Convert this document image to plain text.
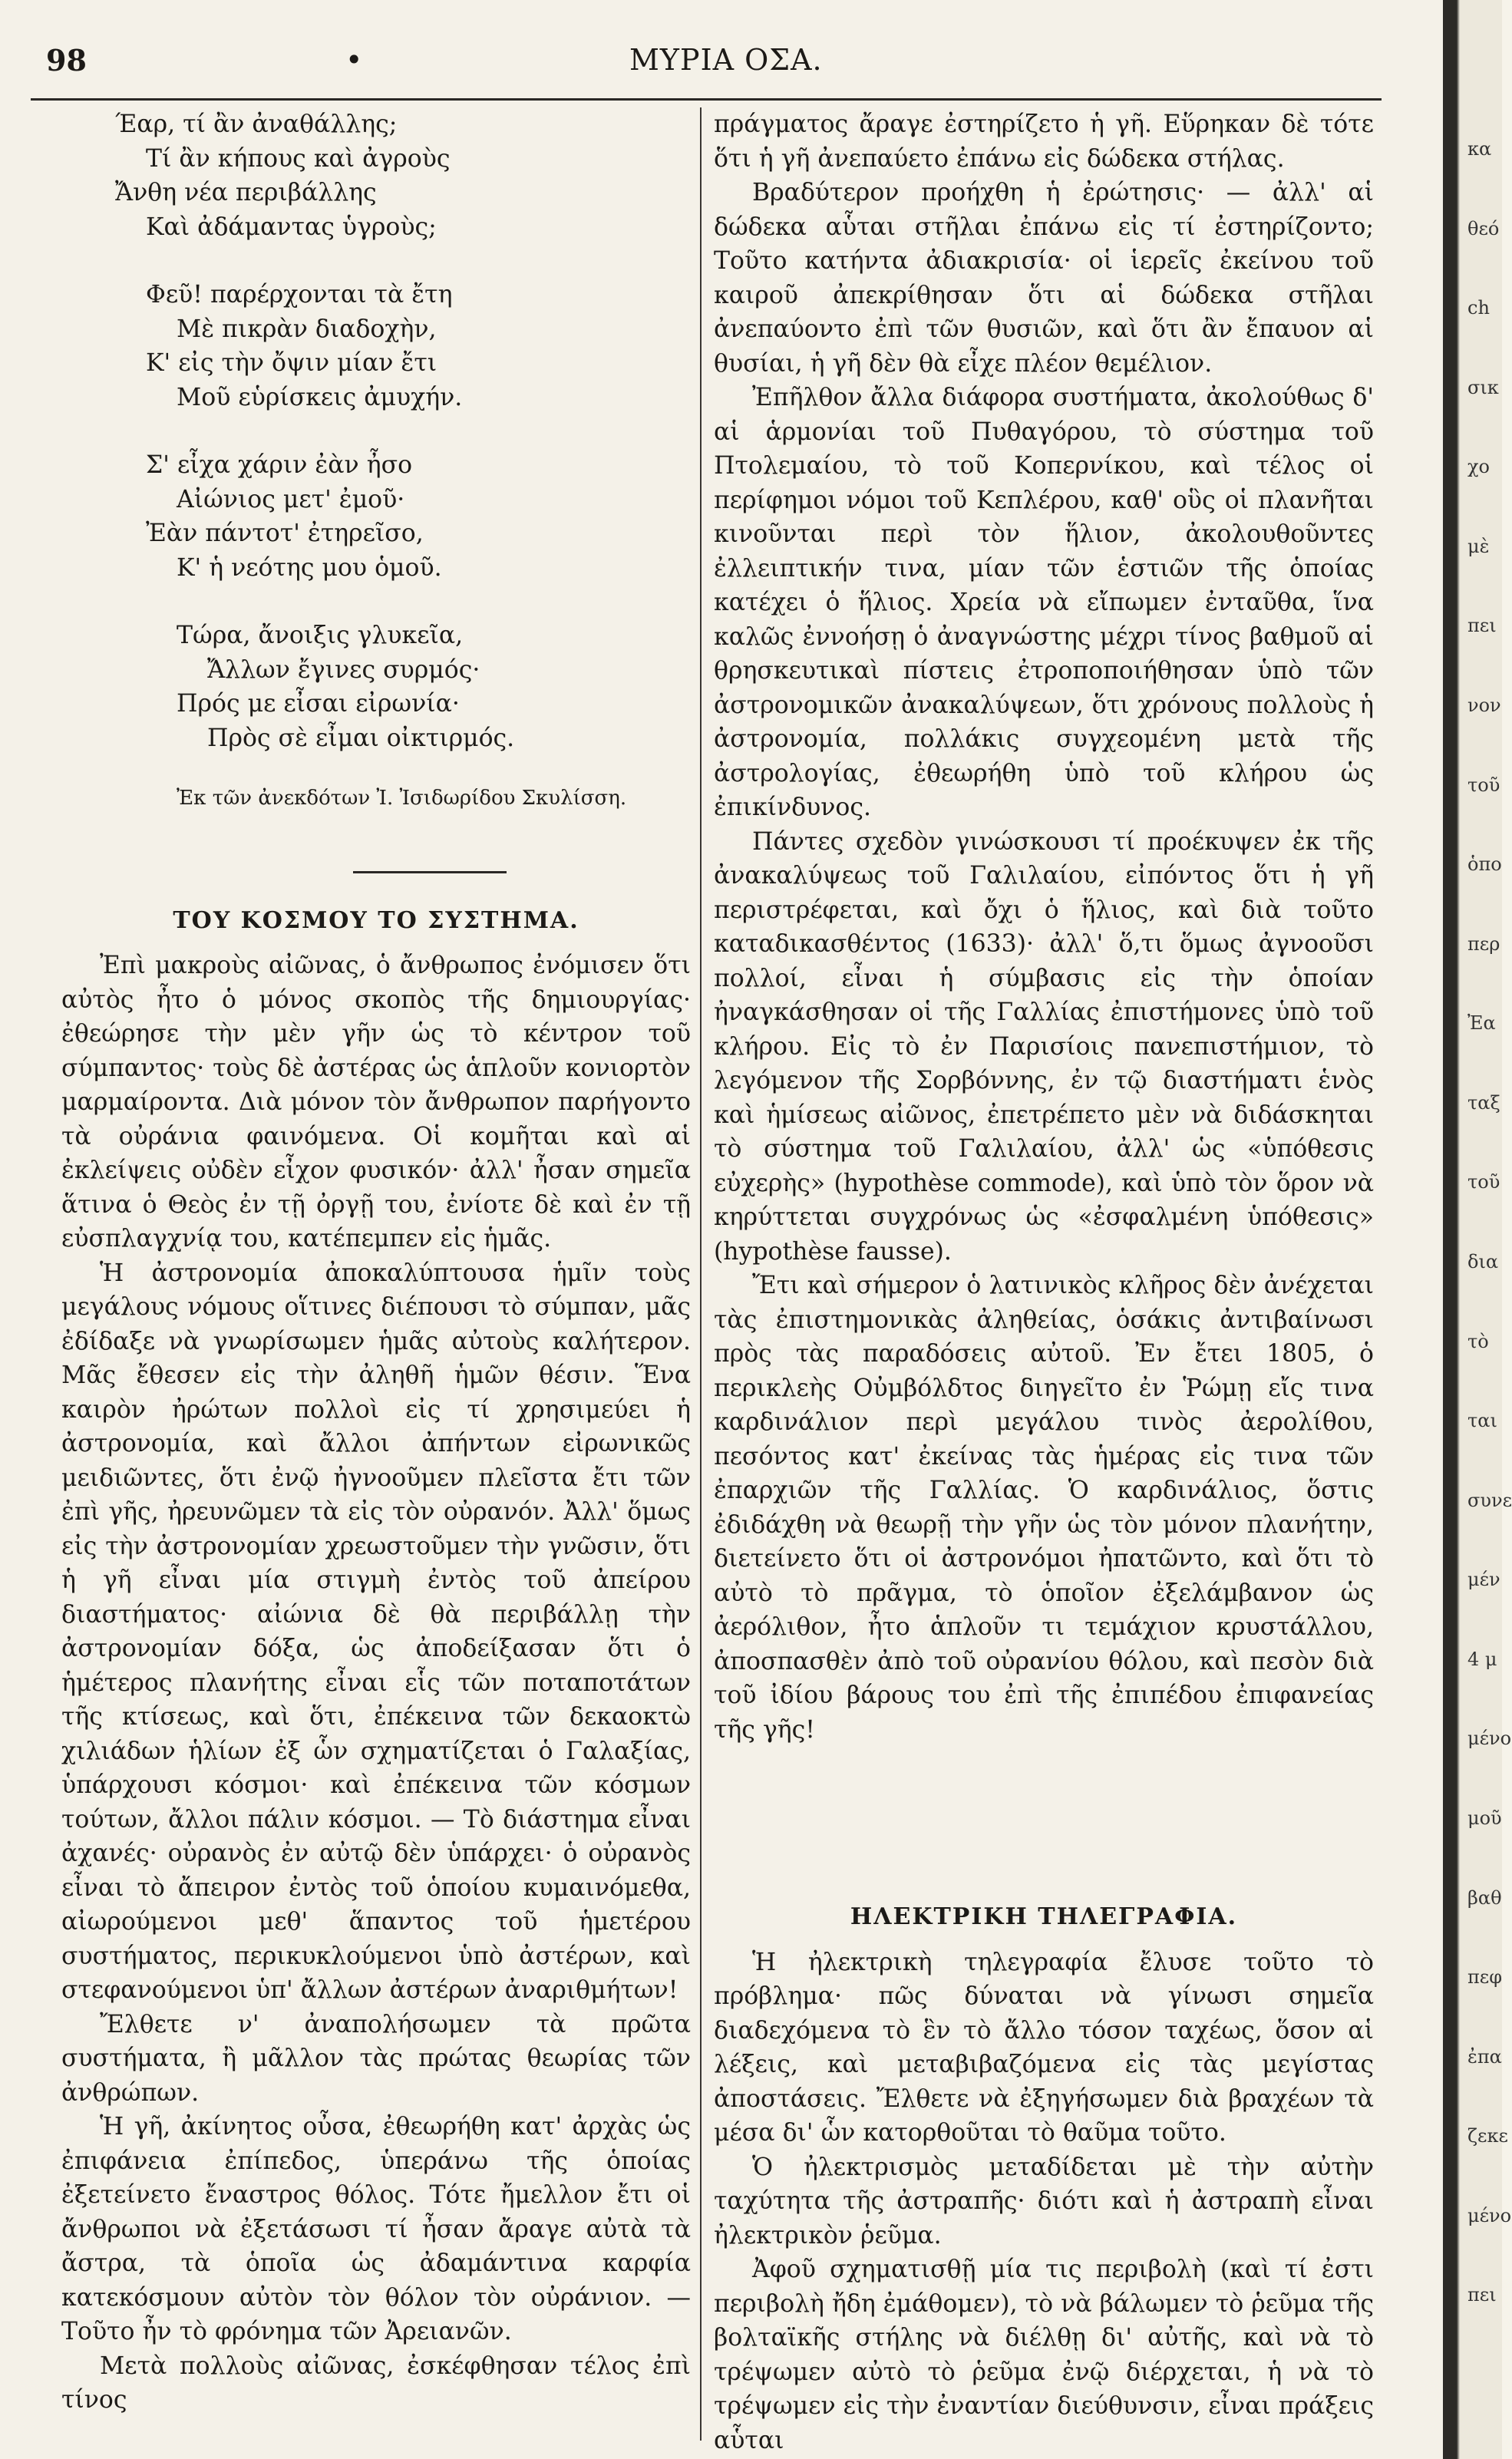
98	•	ΜΥΡΙΑ ΟΣΑ.
Έαρ, τί ἂν ἀναθάλλης;
Τί ἂν κήπους καὶ ἀγροὺς
Ἄνθη νέα περιβάλλης
Καὶ ἀδάμαντας ὑγροὺς;
Φεῦ! παρέρχονται τὰ ἔτη
Μὲ πικρὰν διαδοχὴν,
Κ' εἰς τὴν ὄψιν μίαν ἔτι
Μοῦ εὑρίσκεις ἀμυχήν.
Σ' εἶχα χάριν ἐὰν ἦσο
Αἰώνιος μετ' ἐμοῦ·
Ἐὰν πάντοτ' ἐτηρεῖσο,
Κ' ἡ νεότης μου ὁμοῦ.
Τώρα, ἄνοιξις γλυκεῖα,
Ἄλλων ἔγινες συρμός·
Πρός με εἶσαι εἰρωνία·
Πρὸς σὲ εἶμαι οἰκτιρμός.
Ἐκ τῶν ἀνεκδότων Ἰ. Ἰσιδωρίδου Σκυλίσση.
ΤΟΥ ΚΟΣΜΟΥ ΤΟ ΣΥΣΤΗΜΑ.

Ἐπὶ μακροὺς αἰῶνας, ὁ ἄνθρωπος ἐνόμισεν ὅτι αὐτὸς ἦτο ὁ μόνος σκοπὸς τῆς δημιουργίας· ἐθεώρησε τὴν μὲν γῆν ὡς τὸ κέντρον τοῦ σύμπαντος· τοὺς δὲ ἀστέρας ὡς ἁπλοῦν κονιορτὸν μαρμαίροντα. Διὰ μόνον τὸν ἄνθρωπον παρήγοντο τὰ οὐράνια φαινόμενα. Οἱ κομῆται καὶ αἱ ἐκλείψεις οὐδὲν εἶχον φυσικόν· ἀλλ' ἦσαν σημεῖα ἅτινα ὁ Θεὸς ἐν τῇ ὀργῇ του, ἐνίοτε δὲ καὶ ἐν τῇ εὐσπλαγχνίᾳ του, κατέπεμπεν εἰς ἡμᾶς.

Ἡ ἀστρονομία ἀποκαλύπτουσα ἡμῖν τοὺς μεγάλους νόμους οἵτινες διέπουσι τὸ σύμπαν, μᾶς ἐδίδαξε νὰ γνωρίσωμεν ἡμᾶς αὐτοὺς καλήτερον. Μᾶς ἔθεσεν εἰς τὴν ἀληθῆ ἡμῶν θέσιν. Ἕνα καιρὸν ἠρώτων πολλοὶ εἰς τί χρησιμεύει ἡ ἀστρονομία, καὶ ἄλλοι ἀπήντων εἰρωνικῶς μειδιῶντες, ὅτι ἐνῷ ἠγνοοῦμεν πλεῖστα ἔτι τῶν ἐπὶ γῆς, ἠρευνῶμεν τὰ εἰς τὸν οὐρανόν. Ἀλλ' ὅμως εἰς τὴν ἀστρονομίαν χρεωστοῦμεν τὴν γνῶσιν, ὅτι ἡ γῆ εἶναι μία στιγμὴ ἐντὸς τοῦ ἀπείρου διαστήματος· αἰώνια δὲ θὰ περιβάλλῃ τὴν ἀστρονομίαν δόξα, ὡς ἀποδείξασαν ὅτι ὁ ἡμέτερος πλανήτης εἶναι εἷς τῶν ποταποτάτων τῆς κτίσεως, καὶ ὅτι, ἐπέκεινα τῶν δεκαοκτὼ χιλιάδων ἡλίων ἐξ ὧν σχηματίζεται ὁ Γαλαξίας, ὑπάρχουσι κόσμοι· καὶ ἐπέκεινα τῶν κόσμων τούτων, ἄλλοι πάλιν κόσμοι. — Τὸ διάστημα εἶναι ἀχανές· οὐρανὸς ἐν αὐτῷ δὲν ὑπάρχει· ὁ οὐρανὸς εἶναι τὸ ἄπειρον ἐντὸς τοῦ ὁποίου κυμαινόμεθα, αἰωρούμενοι μεθ' ἅπαντος τοῦ ἡμετέρου συστήματος, περικυκλούμενοι ὑπὸ ἀστέρων, καὶ στεφανούμενοι ὑπ' ἄλλων ἀστέρων ἀναριθμήτων!

Ἔλθετε ν' ἀναπολήσωμεν τὰ πρῶτα συστήματα, ἢ μᾶλλον τὰς πρώτας θεωρίας τῶν ἀνθρώπων.

Ἡ γῆ, ἀκίνητος οὖσα, ἐθεωρήθη κατ' ἀρχὰς ὡς ἐπιφάνεια ἐπίπεδος, ὑπεράνω τῆς ὁποίας ἐξετείνετο ἔναστρος θόλος. Τότε ἤμελλον ἔτι οἱ ἄνθρωποι νὰ ἐξετάσωσι τί ἦσαν ἄραγε αὐτὰ τὰ ἄστρα, τὰ ὁποῖα ὡς ἀδαμάντινα καρφία κατεκόσμουν αὐτὸν τὸν θόλον τὸν οὐράνιον. — Τοῦτο ἦν τὸ φρόνημα τῶν Ἀρειανῶν.

Μετὰ πολλοὺς αἰῶνας, ἐσκέφθησαν τέλος ἐπὶ τίνος

πράγματος ἄραγε ἐστηρίζετο ἡ γῆ. Εὕρηκαν δὲ τότε ὅτι ἡ γῆ ἀνεπαύετο ἐπάνω εἰς δώδεκα στήλας.

Βραδύτερον προήχθη ἡ ἐρώτησις· — ἀλλ' αἱ δώδεκα αὗται στῆλαι ἐπάνω εἰς τί ἐστηρίζοντο; Τοῦτο κατήντα ἀδιακρισία· οἱ ἱερεῖς ἐκείνου τοῦ καιροῦ ἀπεκρίθησαν ὅτι αἱ δώδεκα στῆλαι ἀνεπαύοντο ἐπὶ τῶν θυσιῶν, καὶ ὅτι ἂν ἔπαυον αἱ θυσίαι, ἡ γῆ δὲν θὰ εἶχε πλέον θεμέλιον.

Ἐπῆλθον ἄλλα διάφορα συστήματα, ἀκολούθως δ' αἱ ἁρμονίαι τοῦ Πυθαγόρου, τὸ σύστημα τοῦ Πτολεμαίου, τὸ τοῦ Κοπερνίκου, καὶ τέλος οἱ περίφημοι νόμοι τοῦ Κεπλέρου, καθ' οὓς οἱ πλανῆται κινοῦνται περὶ τὸν ἥλιον, ἀκολουθοῦντες ἐλλειπτικήν τινα, μίαν τῶν ἑστιῶν τῆς ὁποίας κατέχει ὁ ἥλιος. Χρεία νὰ εἴπωμεν ἐνταῦθα, ἵνα καλῶς ἐννοήσῃ ὁ ἀναγνώστης μέχρι τίνος βαθμοῦ αἱ θρησκευτικαὶ πίστεις ἐτροποποιήθησαν ὑπὸ τῶν ἀστρονομικῶν ἀνακαλύψεων, ὅτι χρόνους πολλοὺς ἡ ἀστρονομία, πολλάκις συγχεομένη μετὰ τῆς ἀστρολογίας, ἐθεωρήθη ὑπὸ τοῦ κλήρου ὡς ἐπικίνδυνος.

Πάντες σχεδὸν γινώσκουσι τί προέκυψεν ἐκ τῆς ἀνακαλύψεως τοῦ Γαλιλαίου, εἰπόντος ὅτι ἡ γῆ περιστρέφεται, καὶ ὄχι ὁ ἥλιος, καὶ διὰ τοῦτο καταδικασθέντος (1633)· ἀλλ' ὅ,τι ὅμως ἀγνοοῦσι πολλοί, εἶναι ἡ σύμβασις εἰς τὴν ὁποίαν ἠναγκάσθησαν οἱ τῆς Γαλλίας ἐπιστήμονες ὑπὸ τοῦ κλήρου. Εἰς τὸ ἐν Παρισίοις πανεπιστήμιον, τὸ λεγόμενον τῆς Σορβόννης, ἐν τῷ διαστήματι ἑνὸς καὶ ἡμίσεως αἰῶνος, ἐπετρέπετο μὲν νὰ διδάσκηται τὸ σύστημα τοῦ Γαλιλαίου, ἀλλ' ὡς «ὑπόθεσις εὐχερὴς» (hypothèse commode), καὶ ὑπὸ τὸν ὅρον νὰ κηρύττεται συγχρόνως ὡς «ἐσφαλμένη ὑπόθεσις» (hypothèse fausse).

Ἔτι καὶ σήμερον ὁ λατινικὸς κλῆρος δὲν ἀνέχεται τὰς ἐπιστημονικὰς ἀληθείας, ὁσάκις ἀντιβαίνωσι πρὸς τὰς παραδόσεις αὐτοῦ. Ἐν ἔτει 1805, ὁ περικλεὴς Οὐμβόλδτος διηγεῖτο ἐν Ῥώμῃ εἴς τινα καρδινάλιον περὶ μεγάλου τινὸς ἀερολίθου, πεσόντος κατ' ἐκείνας τὰς ἡμέρας εἰς τινα τῶν ἐπαρχιῶν τῆς Γαλλίας. Ὁ καρδινάλιος, ὅστις ἐδιδάχθη νὰ θεωρῇ τὴν γῆν ὡς τὸν μόνον πλανήτην, διετείνετο ὅτι οἱ ἀστρονόμοι ἠπατῶντο, καὶ ὅτι τὸ αὐτὸ τὸ πρᾶγμα, τὸ ὁποῖον ἐξελάμβανον ὡς ἀερόλιθον, ἦτο ἁπλοῦν τι τεμάχιον κρυστάλλου, ἀποσπασθὲν ἀπὸ τοῦ οὐρανίου θόλου, καὶ πεσὸν διὰ τοῦ ἰδίου βάρους του ἐπὶ τῆς ἐπιπέδου ἐπιφανείας τῆς γῆς!

ΗΛΕΚΤΡΙΚΗ ΤΗΛΕΓΡΑΦΙΑ.

Ἡ ἠλεκτρικὴ τηλεγραφία ἔλυσε τοῦτο τὸ πρόβλημα· πῶς δύναται νὰ γίνωσι σημεῖα διαδεχόμενα τὸ ἓν τὸ ἄλλο τόσον ταχέως, ὅσον αἱ λέξεις, καὶ μεταβιβαζόμενα εἰς τὰς μεγίστας ἀποστάσεις. Ἔλθετε νὰ ἐξηγήσωμεν διὰ βραχέων τὰ μέσα δι' ὧν κατορθοῦται τὸ θαῦμα τοῦτο.

Ὁ ἠλεκτρισμὸς μεταδίδεται μὲ τὴν αὐτὴν ταχύτητα τῆς ἀστραπῆς· διότι καὶ ἡ ἀστραπὴ εἶναι ἠλεκτρικὸν ῥεῦμα.

Ἀφοῦ σχηματισθῇ μία τις περιβολὴ (καὶ τί ἐστι περιβολὴ ἤδη ἐμάθομεν), τὸ νὰ βάλωμεν τὸ ῥεῦμα τῆς βολταϊκῆς στήλης νὰ διέλθῃ δι' αὐτῆς, καὶ νὰ τὸ τρέψωμεν αὐτὸ τὸ ῥεῦμα ἐνῷ διέρχεται, ἡ νὰ τὸ τρέψωμεν εἰς τὴν ἐναντίαν διεύθυνσιν, εἶναι πράξεις αὗται

κα
θεό
ch
σικ
χο
μὲ
πει
νον
τοῦ
ὁπο
περ
Ἐα
ταξ
τοῦ
δια
τὸ
ται
συνε
μέν
4 μ
μένο
μοῦ
βαθ
πεφ
ἐπα
ζεκε
μένο
πει
